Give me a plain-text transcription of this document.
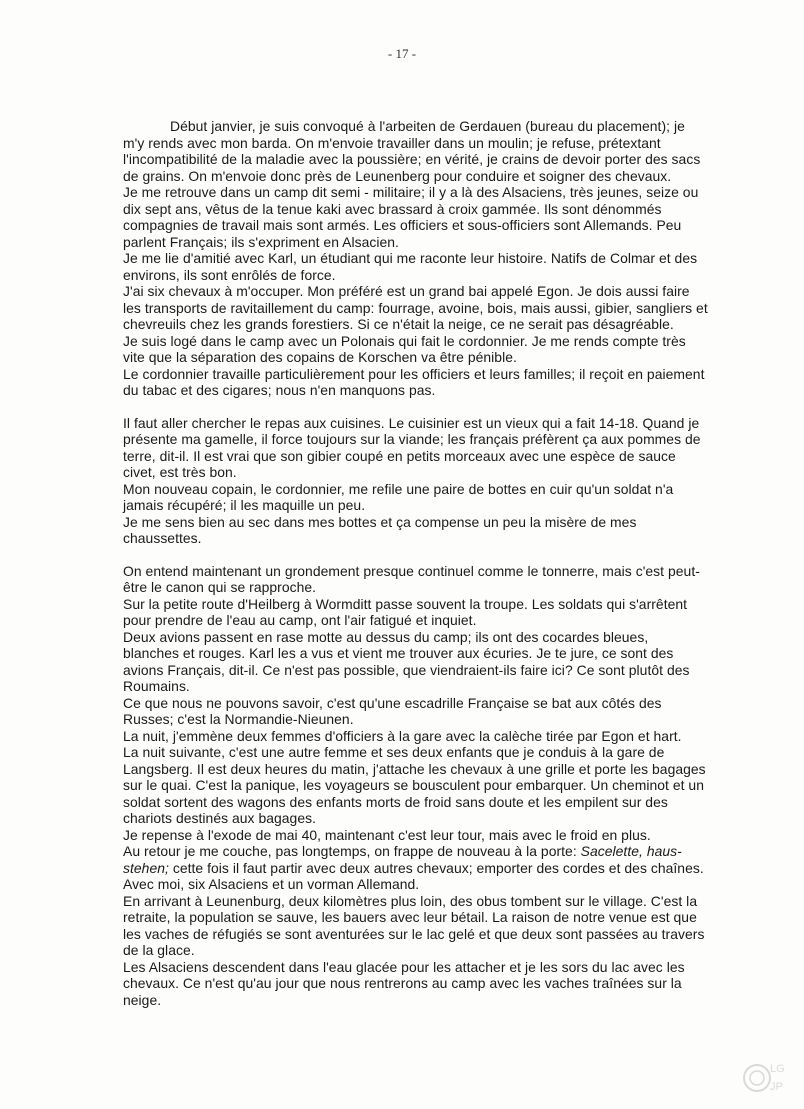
- 17 -

Début janvier, je suis convoqué à l'arbeiten de Gerdauen (bureau du placement); je m'y rends avec mon barda. On m'envoie travailler dans un moulin; je refuse, prétextant l'incompatibilité de la maladie avec la poussière; en vérité, je crains de devoir porter des sacs de grains. On m'envoie donc près de Leunenberg pour conduire et soigner des chevaux.

Je me retrouve dans un camp dit semi - militaire; il y a là des Alsaciens, très jeunes, seize ou dix sept ans, vêtus de la tenue kaki avec brassard à croix gammée. Ils sont dénommés compagnies de travail mais sont armés. Les officiers et sous-officiers sont Allemands. Peu parlent Français; ils s'expriment en Alsacien.

Je me lie d'amitié avec Karl, un étudiant qui me raconte leur histoire. Natifs de Colmar et des environs, ils sont enrôlés de force.

J'ai six chevaux à m'occuper. Mon préféré est un grand bai appelé Egon. Je dois aussi faire les transports de ravitaillement du camp: fourrage, avoine, bois, mais aussi, gibier, sangliers et chevreuils chez les grands forestiers. Si ce n'était la neige, ce ne serait pas désagréable.

Je suis logé dans le camp avec un Polonais qui fait le cordonnier. Je me rends compte très vite que la séparation des copains de Korschen va être pénible.

Le cordonnier travaille particulièrement pour les officiers et leurs familles; il reçoit en paiement du tabac et des cigares; nous n'en manquons pas.

Il faut aller chercher le repas aux cuisines. Le cuisinier est un vieux qui a fait 14-18. Quand je présente ma gamelle, il force toujours sur la viande; les français préfèrent ça aux pommes de terre, dit-il. Il est vrai que son gibier coupé en petits morceaux avec une espèce de sauce civet, est très bon.

Mon nouveau copain, le cordonnier, me refile une paire de bottes en cuir qu'un soldat n'a jamais récupéré; il les maquille un peu.

Je me sens bien au sec dans mes bottes et ça compense un peu la misère de mes chaussettes.

On entend maintenant un grondement presque continuel comme le tonnerre, mais c'est peut-être le canon qui se rapproche.

Sur la petite route d'Heilberg à Wormditt passe souvent la troupe. Les soldats qui s'arrêtent pour prendre de l'eau au camp, ont l'air fatigué et inquiet.

Deux avions passent en rase motte au dessus du camp; ils ont des cocardes bleues, blanches et rouges. Karl les a vus et vient me trouver aux écuries. Je te jure, ce sont des avions Français, dit-il. Ce n'est pas possible, que viendraient-ils faire ici? Ce sont plutôt des Roumains.

Ce que nous ne pouvons savoir, c'est qu'une escadrille Française se bat aux côtés des Russes; c'est la Normandie-Nieunen.

La nuit, j'emmène deux femmes d'officiers à la gare avec la calèche tirée par Egon et hart.

La nuit suivante, c'est une autre femme et ses deux enfants que je conduis à la gare de Langsberg. Il est deux heures du matin, j'attache les chevaux à une grille et porte les bagages sur le quai. C'est la panique, les voyageurs se bousculent pour embarquer. Un cheminot et un soldat sortent des wagons des enfants morts de froid sans doute et les empilent sur des chariots destinés aux bagages.

Je repense à l'exode de mai 40, maintenant c'est leur tour, mais avec le froid en plus.

Au retour je me couche, pas longtemps, on frappe de nouveau à la porte: Sacelette, haus-stehen; cette fois il faut partir avec deux autres chevaux; emporter des cordes et des chaînes. Avec moi, six Alsaciens et un vorman Allemand.

En arrivant à Leunenburg, deux kilomètres plus loin, des obus tombent sur le village. C'est la retraite, la population se sauve, les bauers avec leur bétail. La raison de notre venue est que les vaches de réfugiés se sont aventurées sur le lac gelé et que deux sont passées au travers de la glace.

Les Alsaciens descendent dans l'eau glacée pour les attacher et je les sors du lac avec les chevaux. Ce n'est qu'au jour que nous rentrerons au camp avec les vaches traînées sur la neige.

LG
JP
